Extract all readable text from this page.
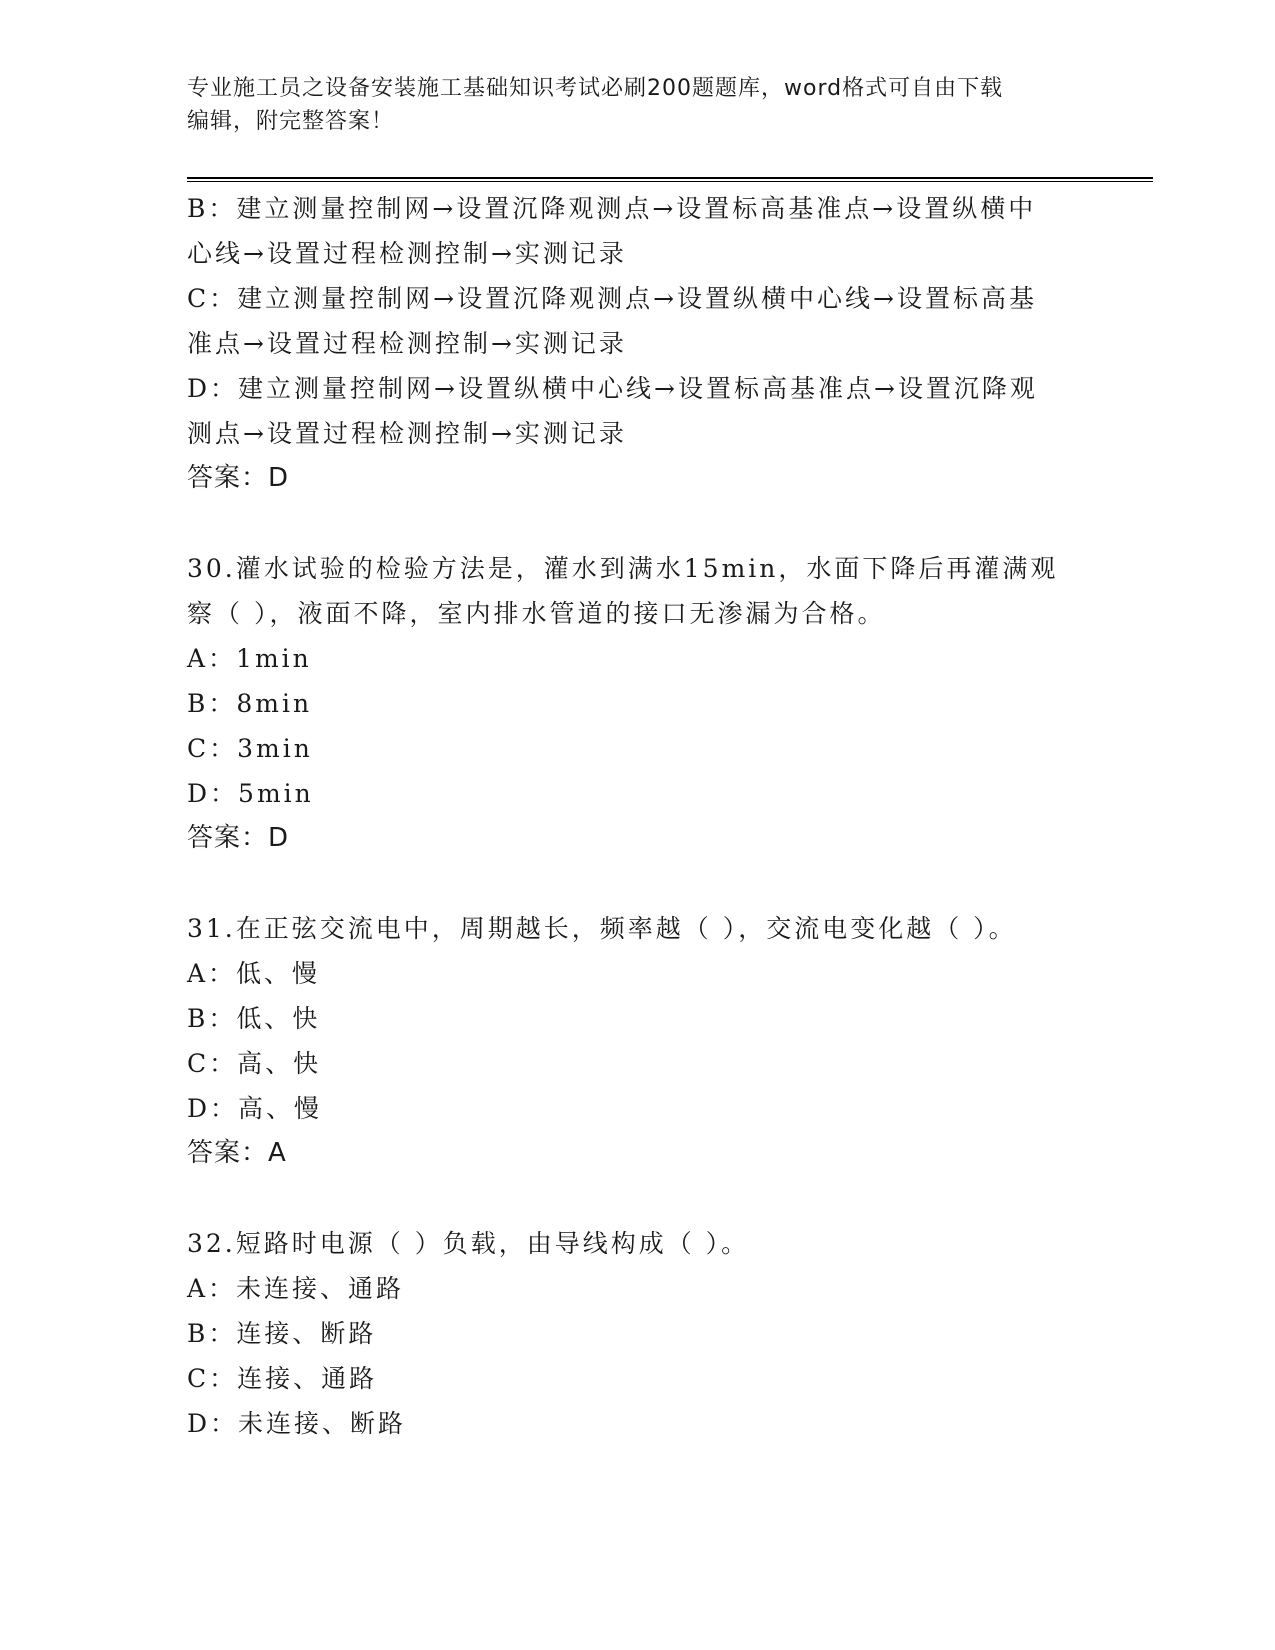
专业施工员之设备安装施工基础知识考试必刷200题题库，word格式可自由下载
编辑，附完整答案！
B：建立测量控制网→设置沉降观测点→设置标高基准点→设置纵横中
心线→设置过程检测控制→实测记录
C：建立测量控制网→设置沉降观测点→设置纵横中心线→设置标高基
准点→设置过程检测控制→实测记录
D：建立测量控制网→设置纵横中心线→设置标高基准点→设置沉降观
测点→设置过程检测控制→实测记录
答案：D
30.灌水试验的检验方法是，灌水到满水15min，水面下降后再灌满观
察（ ），液面不降，室内排水管道的接口无渗漏为合格。
A：1min
B：8min
C：3min
D：5min
答案：D
31.在正弦交流电中，周期越长，频率越（ ），交流电变化越（ ）。
A：低、慢
B：低、快
C：高、快
D：高、慢
答案：A
32.短路时电源（ ）负载，由导线构成（ ）。
A：未连接、通路
B：连接、断路
C：连接、通路
D：未连接、断路
